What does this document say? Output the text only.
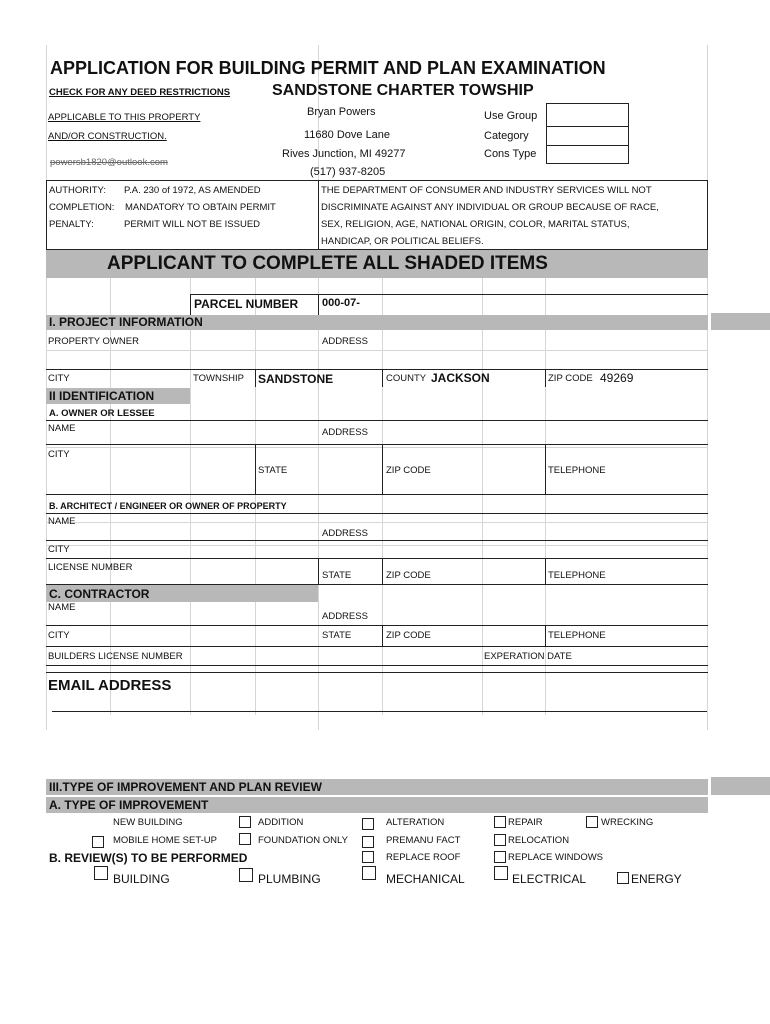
APPLICATION FOR BUILDING PERMIT AND PLAN EXAMINATION
CHECK FOR ANY DEED RESTRICTIONS
APPLICABLE TO THIS PROPERTY
AND/OR CONSTRUCTION.
powersb1820@outlook.com
SANDSTONE CHARTER TOWSHIP
Bryan Powers
11680 Dove Lane
Rives Junction, MI 49277
(517) 937-8205
Use Group
Category
Cons Type
AUTHORITY: P.A. 230 of 1972, AS AMENDED
COMPLETION: MANDATORY TO OBTAIN PERMIT
PENALTY:	PERMIT WILL NOT BE ISSUED
THE DEPARTMENT OF CONSUMER AND INDUSTRY SERVICES WILL NOT
DISCRIMINATE AGAINST ANY INDIVIDUAL OR GROUP BECAUSE OF RACE,
SEX, RELIGION, AGE, NATIONAL ORIGIN, COLOR, MARITAL STATUS,
HANDICAP, OR POLITICAL BELIEFS.
APPLICANT TO COMPLETE ALL SHADED ITEMS
PARCEL NUMBER 000-07-
I. PROJECT INFORMATION
PROPERTY OWNER	ADDRESS
CITY	TOWNSHIP SANDSTONE	COUNTY JACKSON	ZIP CODE 49269
II IDENTIFICATION
A. OWNER OR LESSEE
NAME	ADDRESS
CITY
STATE	ZIP CODE	TELEPHONE
B. ARCHITECT / ENGINEER OR OWNER OF PROPERTY
NAME
ADDRESS
CITY
LICENSE NUMBER
STATE	ZIP CODE	TELEPHONE
C. CONTRACTOR
NAME
ADDRESS
CITY	STATE	ZIP CODE	TELEPHONE
BUILDERS LICENSE NUMBER	EXPERATION DATE
EMAIL ADDRESS
III.TYPE OF IMPROVEMENT AND PLAN REVIEW
A. TYPE OF IMPROVEMENT
NEW BUILDING	ADDITION	ALTERATION	REPAIR	WRECKING
MOBILE HOME SET-UP	FOUNDATION ONLY	PREMANU FACT	RELOCATION
B. REVIEW(S) TO BE PERFORMED	REPLACE ROOF	REPLACE WINDOWS
BUILDING	PLUMBING	MECHANICAL	ELECTRICAL	ENERGY
